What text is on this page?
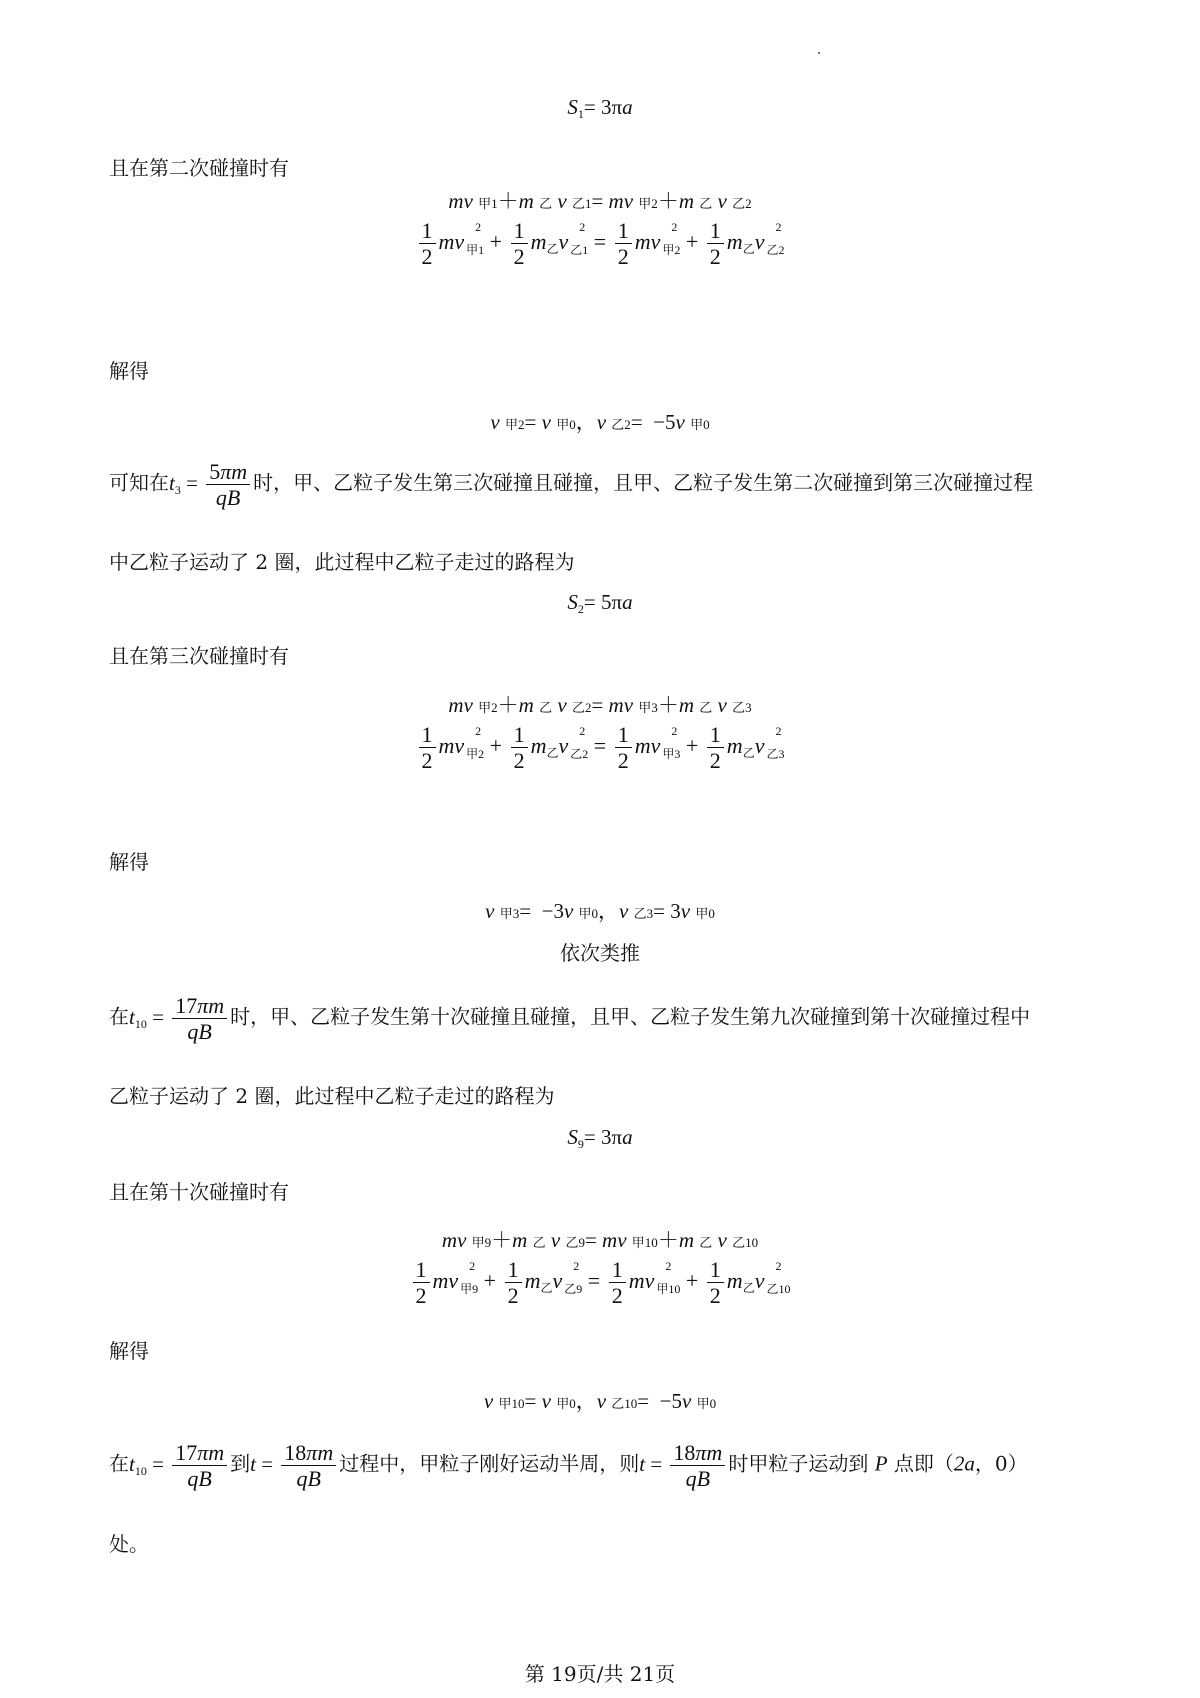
$S_1= 3\pi a$
且在第二次碰撞时有
mv 甲1＋m 乙 v 乙1= mv 甲2＋m 乙 v 乙2
$\frac{1}{2}$ mv
2
$_{甲1} + \frac{1}{2} m_乙v$
2
$_{乙1} = \frac{1}{2}$ mv
2
$_{甲2} + \frac{1}{2} m_乙v$
2
$_{乙2}$
解得
v 甲2= v 甲0，v 乙2=  −5v 甲0
可知在$t_3 = \frac{5\pi m}{qB}$ 时，甲、乙粒子发生第三次碰撞且碰撞，且甲、乙粒子发生第二次碰撞到第三次碰撞过程
中乙粒子运动了 2 圈，此过程中乙粒子走过的路程为
$S_2= 5\pi a$
且在第三次碰撞时有
mv 甲2＋m 乙 v 乙2= mv 甲3＋m 乙 v 乙3
$\frac{1}{2}$ mv
2
$_{甲2} + \frac{1}{2} m_乙v$
2
$_{乙2} = \frac{1}{2}$ mv
2
$_{甲3} + \frac{1}{2} m_乙v$
2
$_{乙3}$
解得
v 甲3=  −3v 甲0，v 乙3= 3v 甲0
依次类推
在$t_{10} = \frac{17\pi m}{qB}$ 时，甲、乙粒子发生第十次碰撞且碰撞，且甲、乙粒子发生第九次碰撞到第十次碰撞过程中
乙粒子运动了 2 圈，此过程中乙粒子走过的路程为
$S_9= 3\pi a$
且在第十次碰撞时有
mv 甲9＋m 乙 v 乙9= mv 甲10＋m 乙 v 乙10
$\frac{1}{2}$ mv
2
$_{甲9} + \frac{1}{2} m_乙v$
2
$_{乙9} = \frac{1}{2}$ mv
2
$_{甲10} + \frac{1}{2} m_乙v$
2
$_{乙10}$
解得
v 甲10= v 甲0，v 乙10=  −5v 甲0
在$t_{10} = \frac{17\pi m}{qB}$ 到$t = \frac{18\pi m}{qB}$ 过程中，甲粒子刚好运动半周，则$t = \frac{18\pi m}{qB}$ 时甲粒子运动到 P 点即（2a，0）
处。
第 19页/共 21页
